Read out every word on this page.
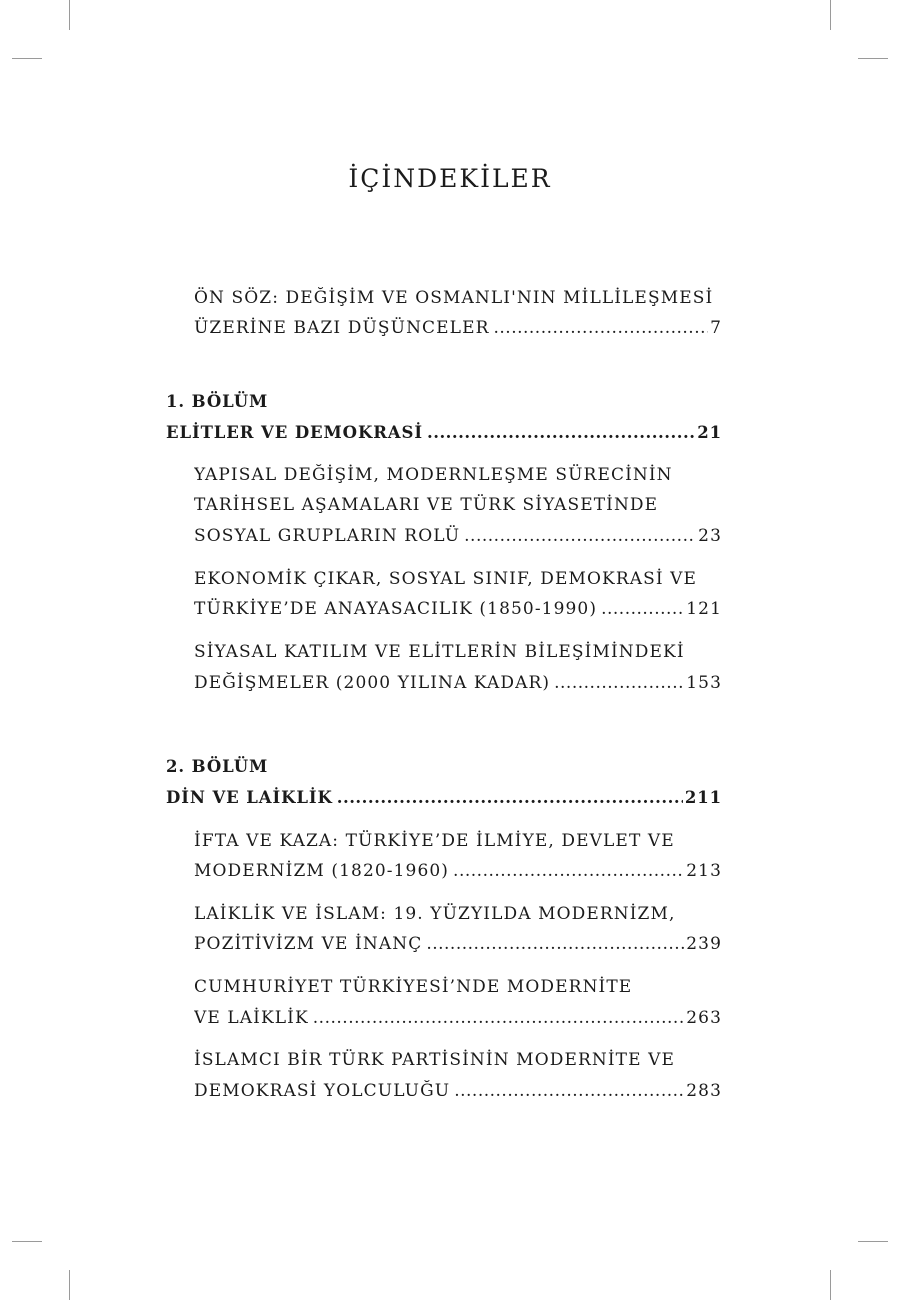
İÇİNDEKİLER
ÖN SÖZ: DEĞİŞİM VE OSMANLI'NIN MİLLİLEŞMESİ
ÜZERİNE BAZI DÜŞÜNCELER .....	7
1. BÖLÜM
ELİTLER VE DEMOKRASİ .....	21
YAPISAL DEĞİŞİM, MODERNLEŞME SÜRECİNİN
TARİHSEL AŞAMALARI VE TÜRK SİYASETİNDE
SOSYAL GRUPLARIN ROLÜ .....	23
EKONOMİK ÇIKAR, SOSYAL SINIF, DEMOKRASİ VE
TÜRKİYE’DE ANAYASACILIK (1850-1990) .....	121
SİYASAL KATILIM VE ELİTLERİN BİLEŞİMİNDEKİ
DEĞİŞMELER (2000 YILINA KADAR) .....	153
2. BÖLÜM
DİN VE LAİKLİK .....	211
İFTA VE KAZA: TÜRKİYE’DE İLMİYE, DEVLET VE
MODERNİZM (1820-1960) .....	213
LAİKLİK VE İSLAM: 19. YÜZYILDA MODERNİZM,
POZİTİVİZM VE İNANÇ .....	239
CUMHURİYET TÜRKİYESİ’NDE MODERNİTE
VE LAİKLİK .....	263
İSLAMCI BİR TÜRK PARTİSİNİN MODERNİTE VE
DEMOKRASİ YOLCULUĞU .....	283
